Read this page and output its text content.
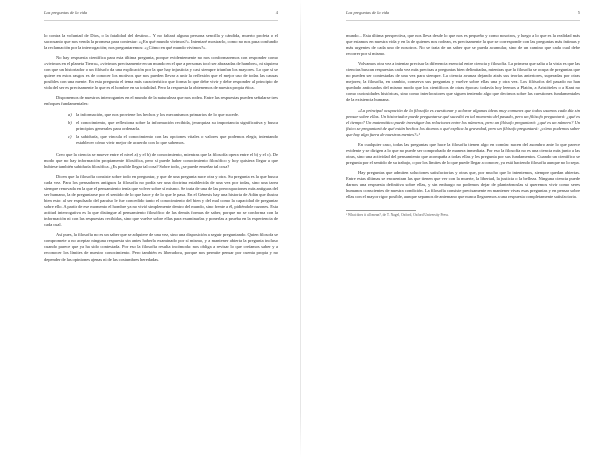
Las preguntas de la vida	4

lo contra la voluntad de Dios, o la fatalidad del destino... Y no faltará alguna persona sencilla y cándida, muerto profeta o el sacrosanto que nos venda la promesa para contestar: «¿En qué mundo vivimos?». Intentaré mostrarlo, como no nos pasa confundir la reclamación por la interrogación; nos preguntaremos: «¿Cómo en qué mundo vivimos?».

No hay respuesta científica para esta última pregunta, porque evidentemente no nos conformaremos con responder como «vivimos en el planeta Tierra», «vivimos precisamente en un mundo en el que a personas tocó ser abrazadas de hambre», ni siquiera con que un historiador o un filósofo da una explicación por la que hay injusticia y casi siempre triunfan los mayores. Lo que sí se quiere en estos rasgos es de conocer los motivos que nos pueden llevar a unir la reflexión que el mejor uso de todas las causas posibles con una mente. En esta pregunta el tema más característico que forma lo que debe vivir y debe responder al principio de vida del ser es precisamente lo que es el hombre en su totalidad. Pero la respuesta la obtenemos de nuestra propia ética.

Disponemos de nuestros interrogantes en el mundo de la naturaleza que nos rodea. Entre las respuestas pueden señalarse tres enfoques fundamentales:

a) la información, que nos proviene los hechos y los mecanismos primarios de lo que sucede.
b) el conocimiento, que reflexiona sobre la información recibida, jerarquiza su importancia significativa y busca principios generales para ordenarla.
c) la sabiduría, que vincula el conocimiento con las opciones vitales o valores que podemos elegir, intentando establecer cómo vivir mejor de acuerdo con lo que sabemos.

Creo que la ciencia se mueve entre el nivel a) y el b) de conocimiento, mientras que la filosofía opera entre el b) y el c). De modo que no hay información propiamente filosófica, pero sí puede haber conocimiento filosófico y hoy quisiera llegar a que hubiese también sabiduría filosófica. ¿Es posible llegar tal cosa? Sobre todo, ¿se puede enseñar tal cosa?

Dicen que la filosofía consiste sobre todo en preguntar, y que de una pregunta nace otra y otra. Su pregunta es la que busca cada vez. Para los pensadores antiguos la filosofía no podía ser una doctrina establecida de una vez por todas, sino una tarea siempre renovada en la que el pensamiento tenía que volver sobre sí mismo. Se trata de una de las preocupaciones más antiguas del ser humano, la de preguntarse por el sentido de lo que hace y de lo que le pasa. En el Génesis hay una historia de Adán que ilustra bien esto: al ser expulsado del paraíso le fue concedido tanto el conocimiento del bien y del mal como la capacidad de preguntar sobre ello. A partir de ese momento el hombre ya no vivió simplemente dentro del mundo, sino frente a él, pidiéndole razones. Esta actitud interrogativa es la que distingue al pensamiento filosófico de las demás formas de saber, porque no se conforma con la información ni con las respuestas recibidas, sino que vuelve sobre ellas para examinarlas y ponerlas a prueba en la experiencia de cada cual.

Así pues, la filosofía no es un saber que se adquiere de una vez, sino una disposición a seguir preguntando. Quien filosofa se compromete a no aceptar ninguna respuesta sin antes haberla examinado por sí mismo, y a mantener abierta la pregunta incluso cuando parece que ya ha sido contestada. Por eso la filosofía resulta incómoda: nos obliga a revisar lo que creíamos saber y a reconocer los límites de nuestro conocimiento. Pero también es liberadora, porque nos permite pensar por cuenta propia y no depender de las opiniones ajenas ni de las costumbres heredadas.

Las preguntas de la vida	5

mundo... Esta última perspectiva, que nos lleva desde lo que nos es pequeño y como nosotros, y luego a lo que es la realidad más que estamos en nuestra vida y en la de quienes nos rodean, es precisamente la que se corresponde con las preguntas más íntimas y más urgentes de cada uno de nosotros. No se trata de un saber que se pueda acumular, sino de un camino que cada cual debe recorrer por sí mismo.

Volvamos otra vez a intentar precisar la diferencia esencial entre ciencia y filosofía. La primera que salta a la vista es que las ciencias buscan respuestas cada vez más precisas a preguntas bien delimitadas, mientras que la filosofía se ocupa de preguntas que no pueden ser contestadas de una vez para siempre. La ciencia avanza dejando atrás sus teorías anteriores, superadas por otras mejores; la filosofía, en cambio, conserva sus preguntas y vuelve sobre ellas una y otra vez. Los filósofos del pasado no han quedado anticuados del mismo modo que los científicos de otras épocas: todavía hoy leemos a Platón, a Aristóteles o a Kant no como curiosidades históricas, sino como interlocutores que siguen teniendo algo que decirnos sobre las cuestiones fundamentales de la existencia humana.

«La principal ocupación de la filosofía es cuestionar y aclarar algunas ideas muy comunes que todos usamos cada día sin pensar sobre ellas. Un historiador puede preguntarse qué sucedió en tal momento del pasado, pero un filósofo preguntará: ¿qué es el tiempo? Un matemático puede investigar las relaciones entre los números, pero un filósofo preguntará: ¿qué es un número? Un físico se preguntará de qué están hechos los átomos o qué explica la gravedad, pero un filósofo preguntará: ¿cómo podemos saber que hay algo fuera de nuestras mentes?»¹

En cualquier caso, todas las preguntas que hace la filosofía tienen algo en común: nacen del asombro ante lo que parece evidente y se dirigen a lo que no puede ser comprobado de manera inmediata. Por eso la filosofía no es una ciencia más junto a las otras, sino una actividad del pensamiento que acompaña a todas ellas y les pregunta por sus fundamentos. Cuando un científico se pregunta por el sentido de su trabajo, o por los límites de lo que puede llegar a conocer, ya está haciendo filosofía aunque no lo sepa.

Hay preguntas que admiten soluciones satisfactorias y otras que, por mucho que lo intentemos, siempre quedan abiertas. Entre estas últimas se encuentran las que tienen que ver con la muerte, la libertad, la justicia o la belleza. Ninguna ciencia puede darnos una respuesta definitiva sobre ellas, y sin embargo no podemos dejar de planteárnoslas si queremos vivir como seres humanos conscientes de nuestra condición. La filosofía consiste precisamente en mantener vivas esas preguntas y en pensar sobre ellas con el mayor rigor posible, aunque sepamos de antemano que nunca llegaremos a una respuesta completamente satisfactoria.

¹ What does it all mean?, de T. Nagel, Oxford, Oxford University Press.
